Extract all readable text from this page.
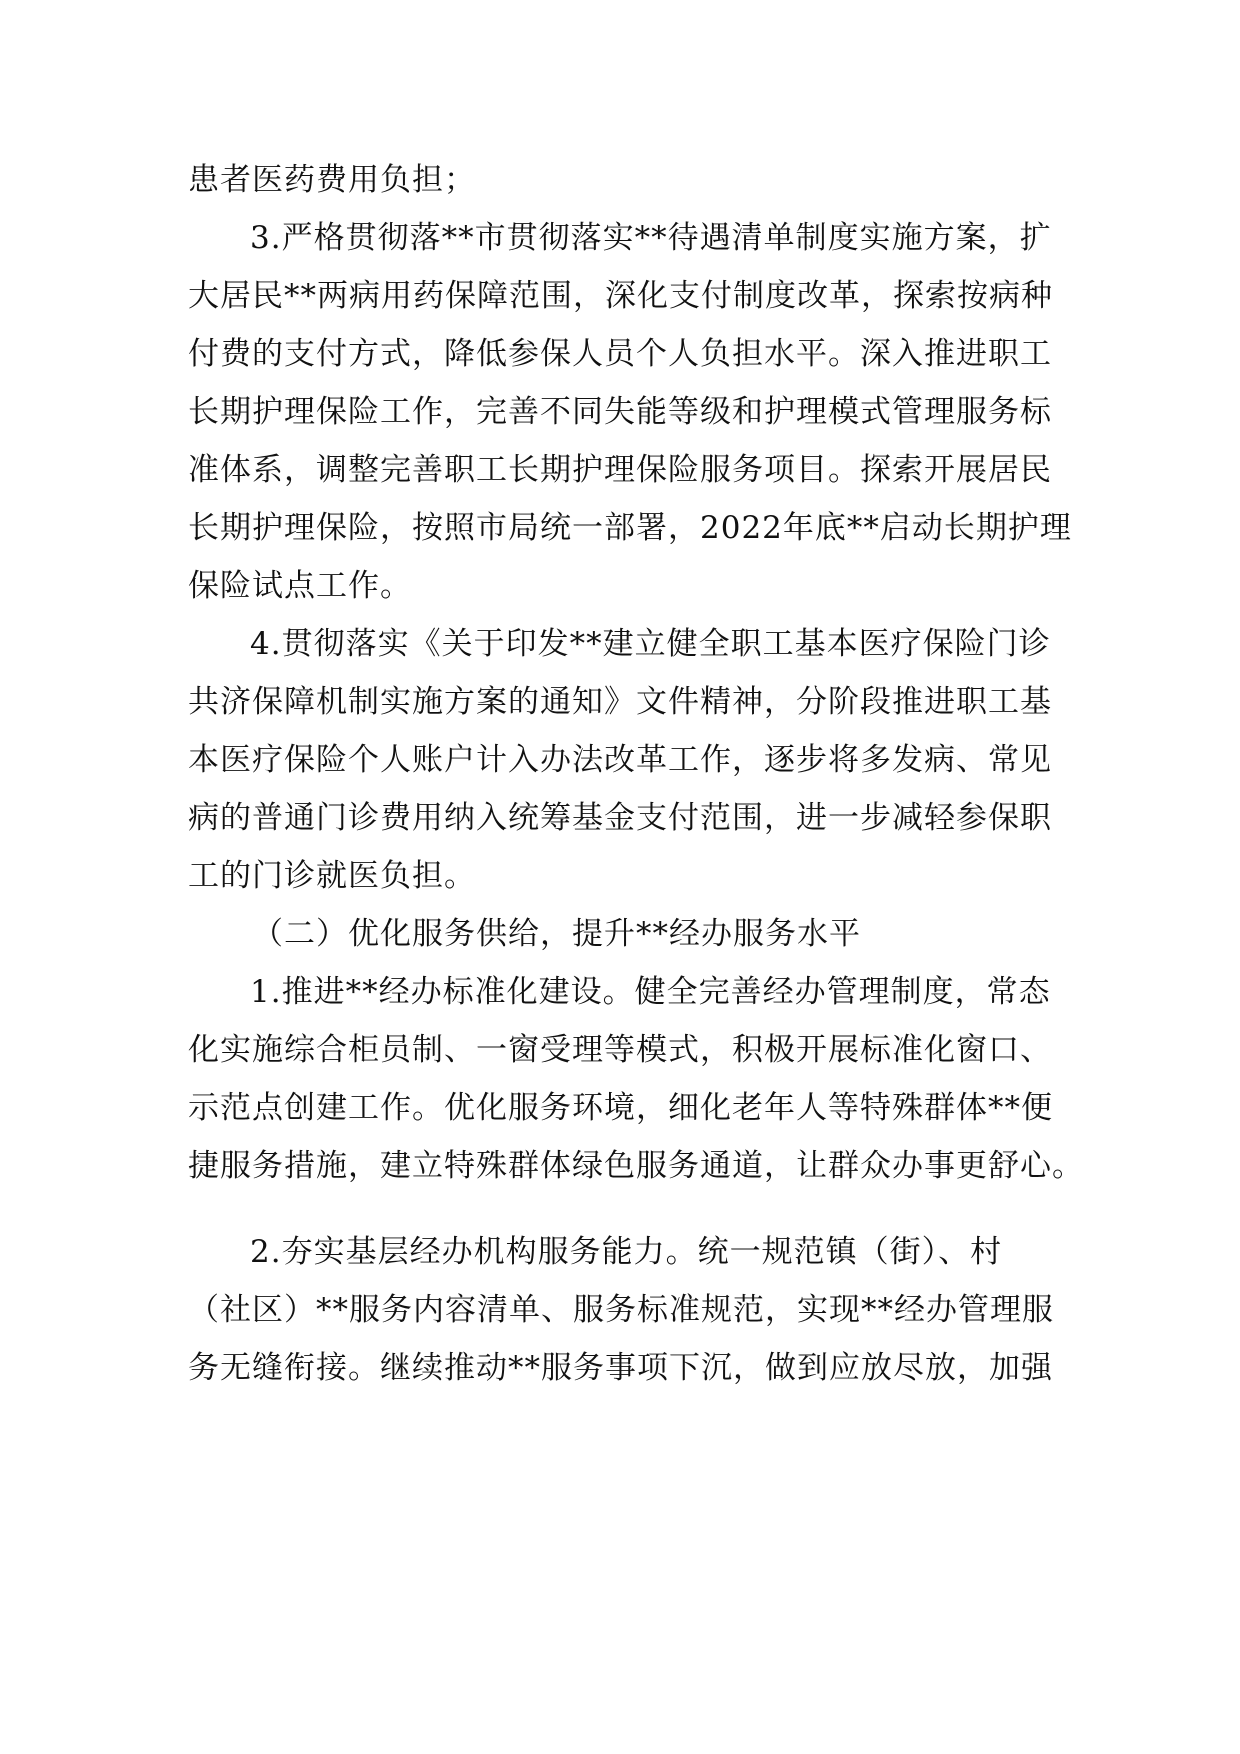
患者医药费用负担；
3.严格贯彻落**市贯彻落实**待遇清单制度实施方案，扩
大居民**两病用药保障范围，深化支付制度改革，探索按病种
付费的支付方式，降低参保人员个人负担水平。深入推进职工
长期护理保险工作，完善不同失能等级和护理模式管理服务标
准体系，调整完善职工长期护理保险服务项目。探索开展居民
长期护理保险，按照市局统一部署，2022年底**启动长期护理
保险试点工作。
4.贯彻落实《关于印发**建立健全职工基本医疗保险门诊
共济保障机制实施方案的通知》文件精神，分阶段推进职工基
本医疗保险个人账户计入办法改革工作，逐步将多发病、常见
病的普通门诊费用纳入统筹基金支付范围，进一步减轻参保职
工的门诊就医负担。
（二）优化服务供给，提升**经办服务水平
1.推进**经办标准化建设。健全完善经办管理制度，常态
化实施综合柜员制、一窗受理等模式，积极开展标准化窗口、
示范点创建工作。优化服务环境，细化老年人等特殊群体**便
捷服务措施，建立特殊群体绿色服务通道，让群众办事更舒心。
2.夯实基层经办机构服务能力。统一规范镇（街）、村
（社区）**服务内容清单、服务标准规范，实现**经办管理服
务无缝衔接。继续推动**服务事项下沉，做到应放尽放，加强
